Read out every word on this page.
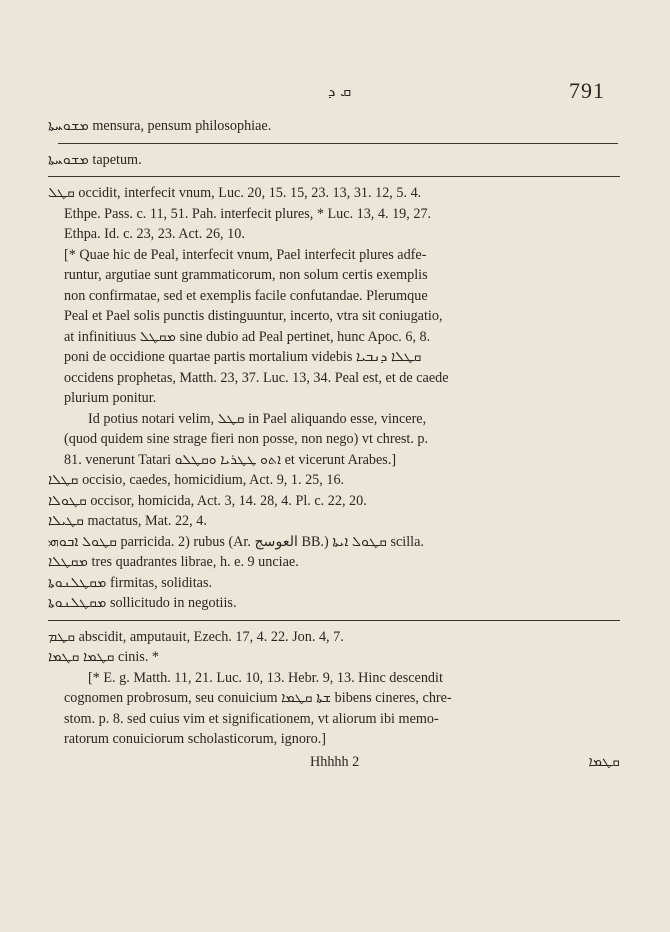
ܩ ܕ	791

ܡܫܘܚܬܐ mensura, pensum philosophiae.

ܡܫܘܚܬܐ tapetum.

ܩܛܠ occidit, interfecit vnum, Luc. 20, 15. 15, 23. 13, 31. 12, 5. 4.

Ethpe. Pass. c. 11, 51. Pah. interfecit plures, * Luc. 13, 4. 19, 27.

Ethpa. Id. c. 23, 23. Act. 26, 10.

[* Quae hic de Peal, interfecit vnum, Pael interfecit plures adfe-

runtur, argutiae sunt grammaticorum, non solum certis exemplis

non confirmatae, sed et exemplis facile confutandae. Plerumque

Peal et Pael solis punctis distinguuntur, incerto, vtra sit coniugatio,

at infinitiuus ܡܩܛܠ sine dubio ad Peal pertinet, hunc Apoc. 6, 8.

poni de occidione quartae partis mortalium videbis ܩܛܠܐ ܕܢܒܝܐ

occidens prophetas, Matth. 23, 37. Luc. 13, 34. Peal est, et de caede

plurium ponitur.

Id potius notari velim, ܩܛܠ in Pael aliquando esse, vincere,

(quod quidem sine strage fieri non posse, non nego) vt chrest. p.

81. venerunt Tatari ܐܬܘ ܛܛܪܝܐ ܘܩܛܠܘ et vicerunt Arabes.]

ܩܛܠܐ occisio, caedes, homicidium, Act. 9, 1. 25, 16.

ܩܛܘܠܐ occisor, homicida, Act. 3, 14. 28, 4. Pl. c. 22, 20.

ܩܛܝܠܐ mactatus, Mat. 22, 4.

ܩܛܘܠ ܐܒܘܗܝ parricida. 2) rubus (Ar. العوسج BB.) ܩܛܘܠ ܐܝܬܐ scilla.

ܡܩܛܠܐ tres quadrantes librae, h. e. 9 unciae.

ܡܩܛܠܢܘܬܐ firmitas, soliditas.

ܡܩܛܠܢܘܬܐ sollicitudo in negotiis.

ܩܛܡ abscidit, amputauit, Ezech. 17, 4. 22. Jon. 4, 7.

ܩܛܡܐ ܩܛܡܐ cinis. *

[* E. g. Matth. 11, 21. Luc. 10, 13. Hebr. 9, 13. Hinc descendit

cognomen probrosum, seu conuicium ܫܬܐ ܩܛܡܐ bibens cineres, chre-

stom. p. 8. sed cuius vim et significationem, vt aliorum ibi memo-

ratorum conuiciorum scholasticorum, ignoro.]

Hhhhh 2	ܩܛܡܐ
